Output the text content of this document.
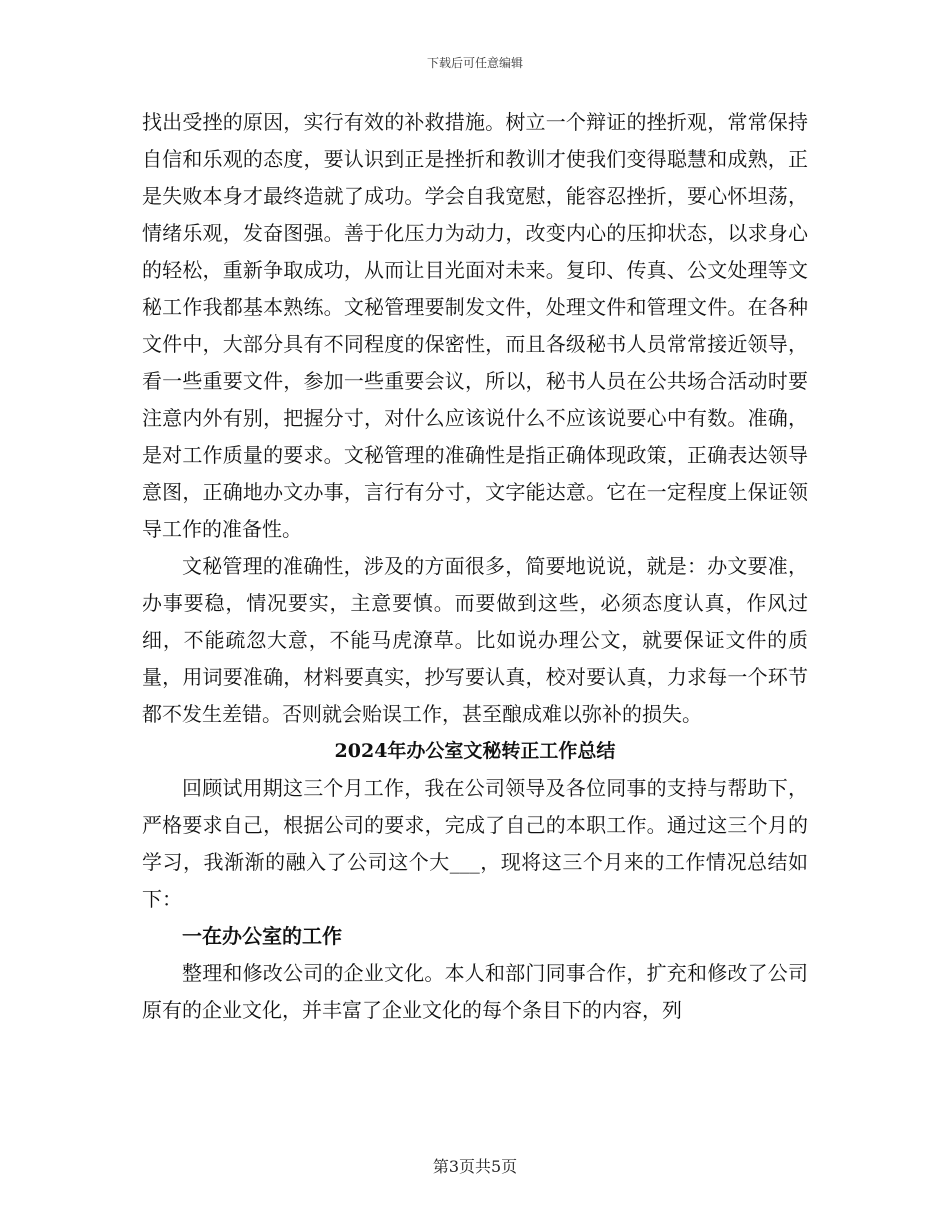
下载后可任意编辑

找出受挫的原因，实行有效的补救措施。树立一个辩证的挫折观，常常保持自信和乐观的态度，要认识到正是挫折和教训才使我们变得聪慧和成熟，正是失败本身才最终造就了成功。学会自我宽慰，能容忍挫折，要心怀坦荡，情绪乐观，发奋图强。善于化压力为动力，改变内心的压抑状态，以求身心的轻松，重新争取成功，从而让目光面对未来。复印、传真、公文处理等文秘工作我都基本熟练。文秘管理要制发文件，处理文件和管理文件。在各种文件中，大部分具有不同程度的保密性，而且各级秘书人员常常接近领导，看一些重要文件，参加一些重要会议，所以，秘书人员在公共场合活动时要注意内外有别，把握分寸，对什么应该说什么不应该说要心中有数。准确，是对工作质量的要求。文秘管理的准确性是指正确体现政策，正确表达领导意图，正确地办文办事，言行有分寸，文字能达意。它在一定程度上保证领导工作的准备性。

文秘管理的准确性，涉及的方面很多，简要地说说，就是：办文要准，办事要稳，情况要实，主意要慎。而要做到这些，必须态度认真，作风过细，不能疏忽大意，不能马虎潦草。比如说办理公文，就要保证文件的质量，用词要准确，材料要真实，抄写要认真，校对要认真，力求每一个环节都不发生差错。否则就会贻误工作，甚至酿成难以弥补的损失。

2024年办公室文秘转正工作总结

回顾试用期这三个月工作，我在公司领导及各位同事的支持与帮助下，严格要求自己，根据公司的要求，完成了自己的本职工作。通过这三个月的学习，我渐渐的融入了公司这个大___，现将这三个月来的工作情况总结如下：

一在办公室的工作

整理和修改公司的企业文化。本人和部门同事合作，扩充和修改了公司原有的企业文化，并丰富了企业文化的每个条目下的内容，列

第3页共5页
